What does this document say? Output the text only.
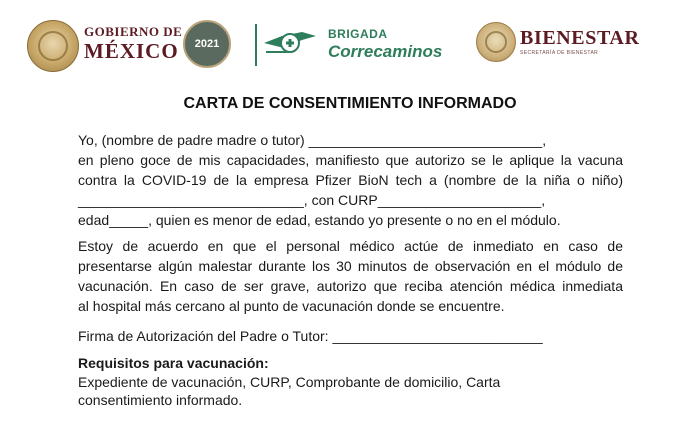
GOBIERNO DE
MÉXICO	2021
BRIGADA
Correcaminos
BIENESTAR
SECRETARÍA DE BIENESTAR
CARTA DE CONSENTIMIENTO INFORMADO
Yo, (nombre de padre madre o tutor) ______________________________,
en pleno goce de mis capacidades, manifiesto que autorizo se le aplique la vacuna
contra la COVID-19 de la empresa Pfizer BioN tech a (nombre de la niña o niño)
_____________________________, con CURP_____________________,
edad_____, quien es menor de edad, estando yo presente o no en el módulo.
Estoy de acuerdo en que el personal médico actúe de inmediato en caso de
presentarse algún malestar durante los 30 minutos de observación en el módulo de
vacunación. En caso de ser grave, autorizo que reciba atención médica inmediata
al hospital más cercano al punto de vacunación donde se encuentre.
Firma de Autorización del Padre o Tutor: ___________________________
Requisitos para vacunación:
Expediente de vacunación, CURP, Comprobante de domicilio, Carta
consentimiento informado.
